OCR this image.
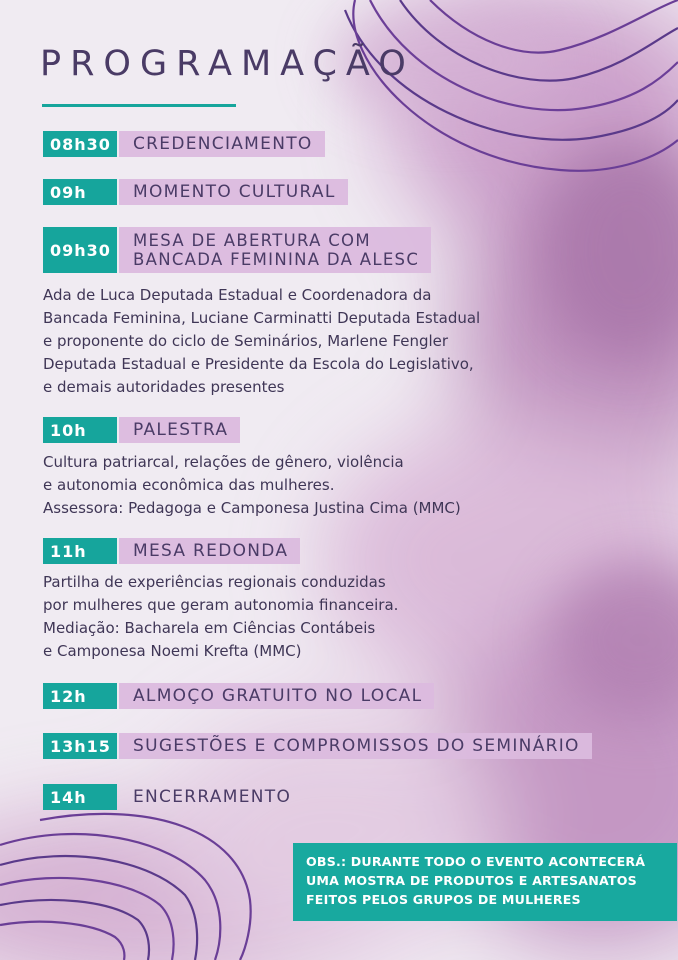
PROGRAMAÇÃO
08h30	CREDENCIAMENTO
09h	MOMENTO CULTURAL
09h30	MESA DE ABERTURA COM
BANCADA FEMININA DA ALESC
Ada de Luca Deputada Estadual e Coordenadora da
Bancada Feminina, Luciane Carminatti Deputada Estadual
e proponente do ciclo de Seminários, Marlene Fengler
Deputada Estadual e Presidente da Escola do Legislativo,
e demais autoridades presentes
10h	PALESTRA
Cultura patriarcal, relações de gênero, violência
e autonomia econômica das mulheres.
Assessora: Pedagoga e Camponesa Justina Cima (MMC)
11h	MESA REDONDA
Partilha de experiências regionais conduzidas
por mulheres que geram autonomia financeira.
Mediação: Bacharela em Ciências Contábeis
e Camponesa Noemi Krefta (MMC)
12h	ALMOÇO GRATUITO NO LOCAL
13h15	SUGESTÕES E COMPROMISSOS DO SEMINÁRIO
14h	ENCERRAMENTO
OBS.: DURANTE TODO O EVENTO ACONTECERÁ
UMA MOSTRA DE PRODUTOS E ARTESANATOS
FEITOS PELOS GRUPOS DE MULHERES
